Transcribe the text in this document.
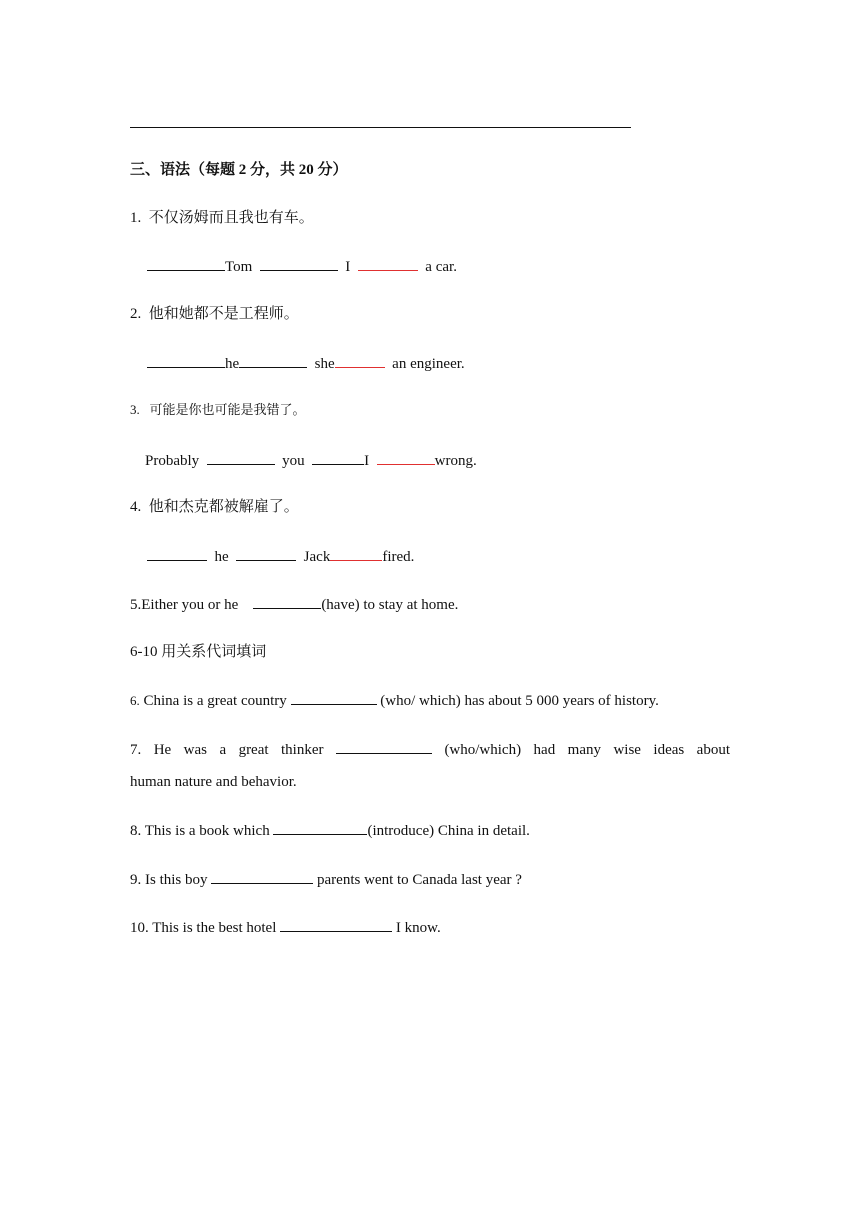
三、语法（每题 2 分，共 20 分）
1.  不仅汤姆而且我也有车。
Tom	I	a car.
2.  他和她都不是工程师。
he	she	an engineer.
3.   可能是你也可能是我错了。
Probably	you	I	wrong.
4.  他和杰克都被解雇了。
he	Jack	fired.
5.Either you or he	(have) to stay at home.
6-10 用关系代词填词
6. China is a great country	(who/ which) has about 5 000 years of history.
7. He was a great thinker	(who/which) had many wise ideas about
human nature and behavior.
8. This is a book which	(introduce) China in detail.
9. Is this boy	parents went to Canada last year ?
10. This is the best hotel	I know.
